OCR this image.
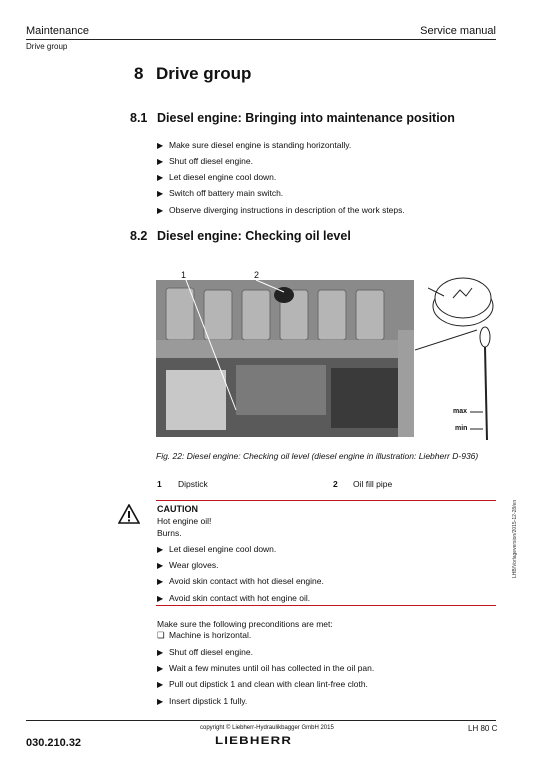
Maintenance	Service manual
Drive group
8 Drive group
8.1 Diesel engine: Bringing into maintenance position
▶ Make sure diesel engine is standing horizontally.
▶ Shut off diesel engine.
▶ Let diesel engine cool down.
▶ Switch off battery main switch.
▶ Observe diverging instructions in description of the work steps.
8.2 Diesel engine: Checking oil level
1	2
max
min
Fig. 22: Diesel engine: Checking oil level (diesel engine in illustration: Liebherr D-936)
1 Dipstick	2 Oil fill pipe
CAUTION
Hot engine oil!
Burns.
▶ Let diesel engine cool down.
▶ Wear gloves.
▶ Avoid skin contact with hot diesel engine.
▶ Avoid skin contact with hot engine oil.
Make sure the following preconditions are met:
❏ Machine is horizontal.
▶ Shut off diesel engine.
▶ Wait a few minutes until oil has collected in the oil pan.
▶ Pull out dipstick 1 and clean with clean lint-free cloth.
▶ Insert dipstick 1 fully.
LHB/Vorlageversion/2015-12-28/en
030.210.32
copyright © Liebherr-Hydraulikbagger GmbH 2015	LH 80 C
LIEBHERR
